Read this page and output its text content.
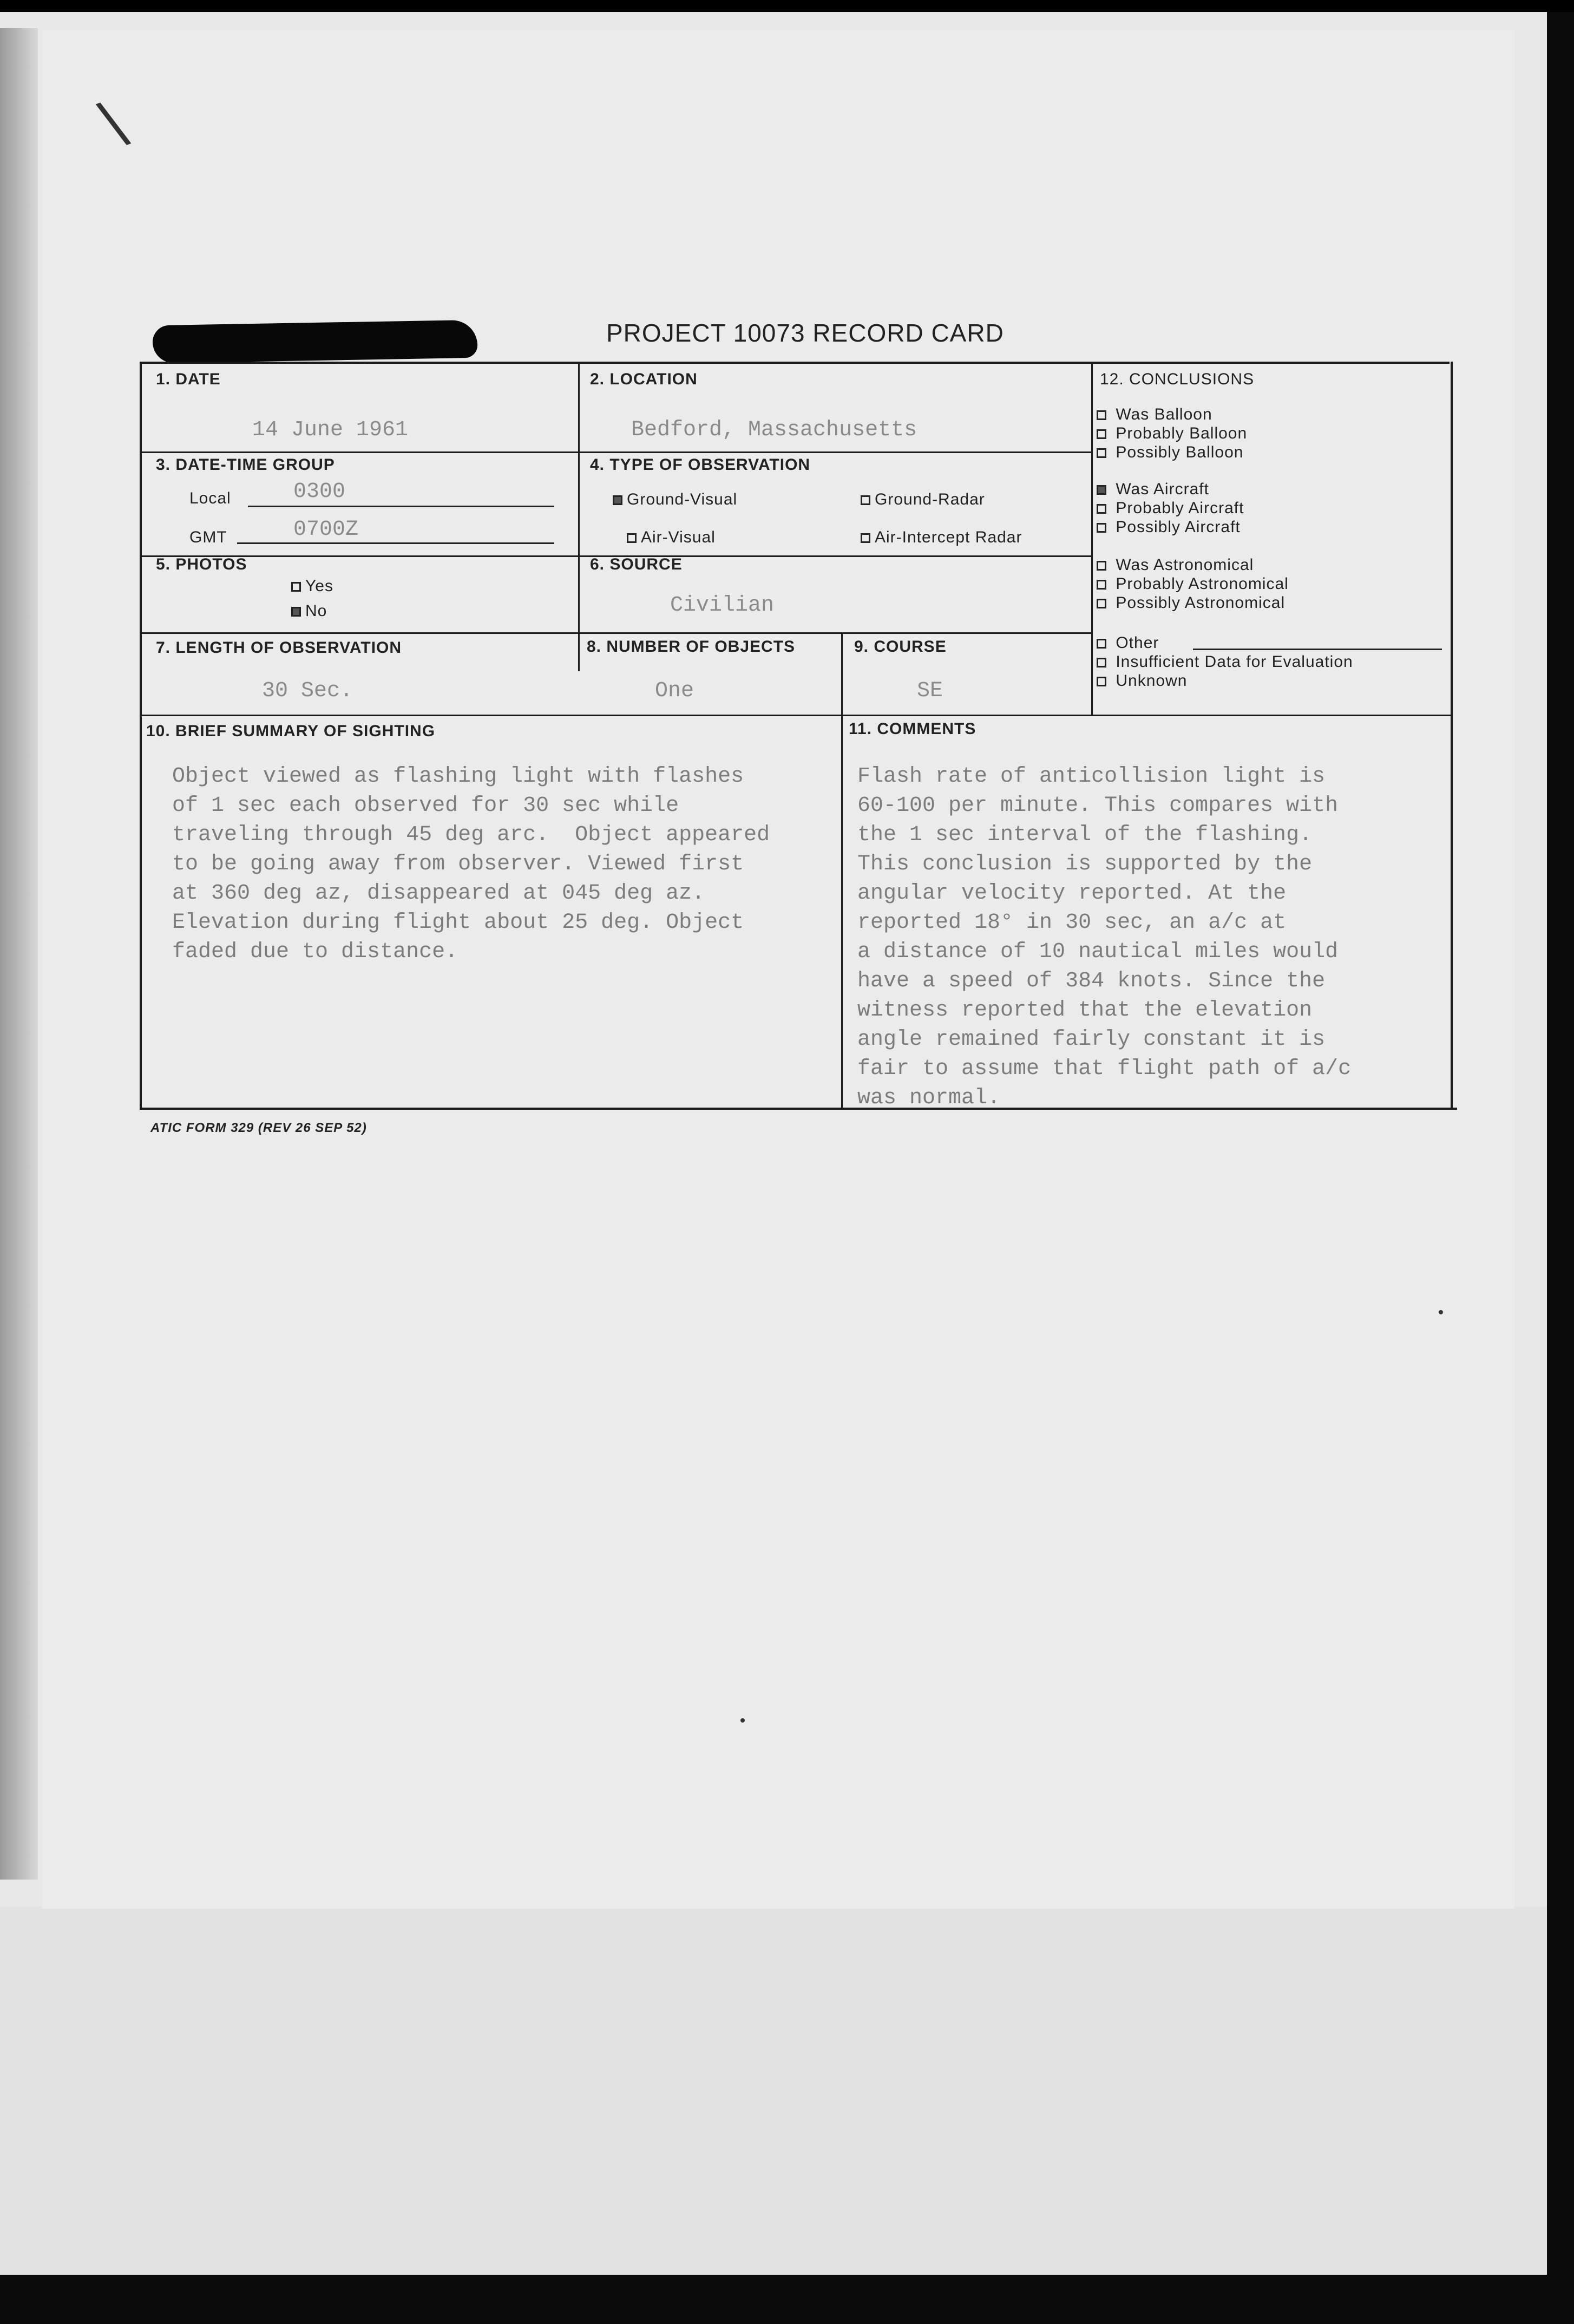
\
PROJECT 10073 RECORD CARD
1. DATE
14 June 1961
2. LOCATION
Bedford, Massachusetts
3. DATE-TIME GROUP
Local	0300
GMT	0700Z
4. TYPE OF OBSERVATION
Ground-Visual	Ground-Radar
Air-Visual	Air-Intercept Radar
5. PHOTOS
Yes
No
6. SOURCE
Civilian
7. LENGTH OF OBSERVATION
30 Sec.
8. NUMBER OF OBJECTS
One
9. COURSE
SE
10. BRIEF SUMMARY OF SIGHTING
Object viewed as flashing light with flashes
of 1 sec each observed for 30 sec while
traveling through 45 deg arc.  Object appeared
to be going away from observer. Viewed first
at 360 deg az, disappeared at 045 deg az.
Elevation during flight about 25 deg. Object
faded due to distance.
11. COMMENTS
Flash rate of anticollision light is
60-100 per minute. This compares with
the 1 sec interval of the flashing.
This conclusion is supported by the
angular velocity reported. At the
reported 18° in 30 sec, an a/c at
a distance of 10 nautical miles would
have a speed of 384 knots. Since the
witness reported that the elevation
angle remained fairly constant it is
fair to assume that flight path of a/c
was normal.
12. CONCLUSIONS
Was Balloon
Probably Balloon
Possibly Balloon
Was Aircraft
Probably Aircraft
Possibly Aircraft
Was Astronomical
Probably Astronomical
Possibly Astronomical
Other
Insufficient Data for Evaluation
Unknown
ATIC FORM 329 (REV 26 SEP 52)
